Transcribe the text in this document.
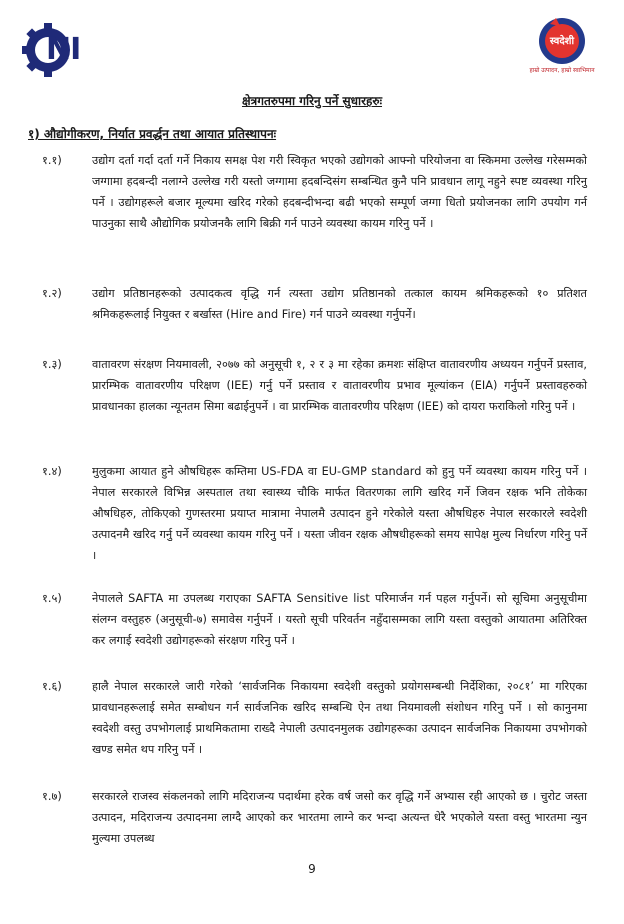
NI	स्वदेशी
हाम्रो उत्पादन, हाम्रो स्वाभिमान
क्षेत्रगतरुपमा गरिनु पर्ने सुधारहरुः
१) औद्योगीकरण, निर्यात प्रवर्द्धन तथा आयात प्रतिस्थापनः
१.१)	उद्योग दर्ता गर्दा दर्ता गर्ने निकाय समक्ष पेश गरी स्विकृत भएको उद्योगको आफ्नो परियोजना वा स्किममा उल्लेख गरेसम्मको जग्गामा हदबन्दी नलाग्ने उल्लेख गरी यस्तो जग्गामा हदबन्दिसंग सम्बन्धित कुनै पनि प्रावधान लागू नहुने स्पष्ट व्यवस्था गरिनु पर्ने । उद्योगहरूले बजार मूल्यमा खरिद गरेको हदबन्दीभन्दा बढी भएको सम्पूर्ण जग्गा धितो प्रयोजनका लागि उपयोग गर्न पाउनुका साथै औद्योगिक प्रयोजनकै लागि बिक्री गर्न पाउने व्यवस्था कायम गरिनु पर्ने ।
१.२)	उद्योग प्रतिष्ठानहरूको उत्पादकत्व वृद्धि गर्न त्यस्ता उद्योग प्रतिष्ठानको तत्काल कायम श्रमिकहरूको १० प्रतिशत श्रमिकहरूलाई नियुक्त र बर्खास्त (Hire and Fire) गर्न पाउने व्यवस्था गर्नुपर्ने।
१.३)	वातावरण संरक्षण नियमावली, २०७७ को अनुसूची १, २ र ३ मा रहेका क्रमशः संक्षिप्त वातावरणीय अध्ययन गर्नुपर्ने प्रस्ताव, प्रारम्भिक वातावरणीय परिक्षण (IEE) गर्नु पर्ने प्रस्ताव र वातावरणीय प्रभाव मूल्यांकन (EIA) गर्नुपर्ने प्रस्तावहरुको प्रावधानका हालका न्यूनतम सिमा बढाईनुपर्ने । वा प्रारम्भिक वातावरणीय परिक्षण (IEE) को दायरा फराकिलो गरिनु पर्ने ।
१.४)	मुलुकमा आयात हुने औषधिहरू कम्तिमा US-FDA वा EU-GMP standard को हुनु पर्ने व्यवस्था कायम गरिनु पर्ने । नेपाल सरकारले विभिन्न अस्पताल तथा स्वास्थ्य चौकि मार्फत वितरणका लागि खरिद गर्ने जिवन रक्षक भनि तोकेका औषधिहरु, तोकिएको गुणस्तरमा प्रयाप्त मात्रामा नेपालमै उत्पादन हुने गरेकोले यस्ता औषधिहरु नेपाल सरकारले स्वदेशी उत्पादनमै खरिद गर्नु पर्ने व्यवस्था कायम गरिनु पर्ने । यस्ता जीवन रक्षक औषधीहरूको समय सापेक्ष मुल्य निर्धारण गरिनु पर्ने ।
१.५)	नेपालले SAFTA मा उपलब्ध गराएका SAFTA Sensitive list परिमार्जन गर्न पहल गर्नुपर्ने। सो सूचिमा अनुसूचीमा संलग्न वस्तुहरु (अनुसूची-७) समावेस गर्नुपर्ने । यस्तो सूची परिवर्तन नहुँदासम्मका लागि यस्ता वस्तुको आयातमा अतिरिक्त कर लगाई स्वदेशी उद्योगहरूको संरक्षण गरिनु पर्ने ।
१.६)	हालै नेपाल सरकारले जारी गरेको ‘सार्वजनिक निकायमा स्वदेशी वस्तुको प्रयोगसम्बन्धी निर्देशिका, २०८१’ मा गरिएका प्रावधानहरूलाई समेत सम्बोधन गर्न सार्वजनिक खरिद सम्बन्धि ऐन तथा नियमावली संशोधन गरिनु पर्ने । सो कानुनमा स्वदेशी वस्तु उपभोगलाई प्राथमिकतामा राख्दै नेपाली उत्पादनमुलक उद्योगहरूका उत्पादन सार्वजनिक निकायमा उपभोगको खण्ड समेत थप गरिनु पर्ने ।
१.७)	सरकारले राजस्व संकलनको लागि मदिराजन्य पदार्थमा हरेक वर्ष जसो कर वृद्धि गर्ने अभ्यास रही आएको छ । चुरोट जस्ता उत्पादन, मदिराजन्य उत्पादनमा लाग्दै आएको कर भारतमा लाग्ने कर भन्दा अत्यन्त धेरै भएकोले यस्ता वस्तु भारतमा न्युन मुल्यमा उपलब्ध
9
